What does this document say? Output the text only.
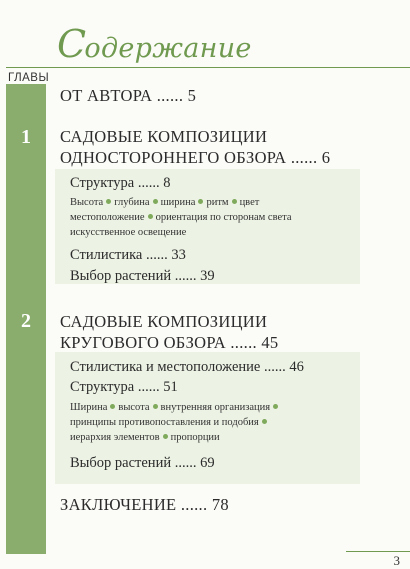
Содержание
ГЛАВЫ
1
2
ОТ АВТОРА ...... 5
САДОВЫЕ КОМПОЗИЦИИ
ОДНОСТОРОННЕГО ОБЗОРА ...... 6
Структура ...... 8
Высота глубина ширина ритм цвет
местоположение ориентация по сторонам света
искусственное освещение
Стилистика ...... 33
Выбор растений ...... 39
САДОВЫЕ КОМПОЗИЦИИ
КРУГОВОГО ОБЗОРА ...... 45
Стилистика и местоположение ...... 46
Структура ...... 51
Ширина высота внутренняя организация
принципы противопоставления и подобия
иерархия элементов пропорции
Выбор растений ...... 69
ЗАКЛЮЧЕНИЕ ...... 78
3
